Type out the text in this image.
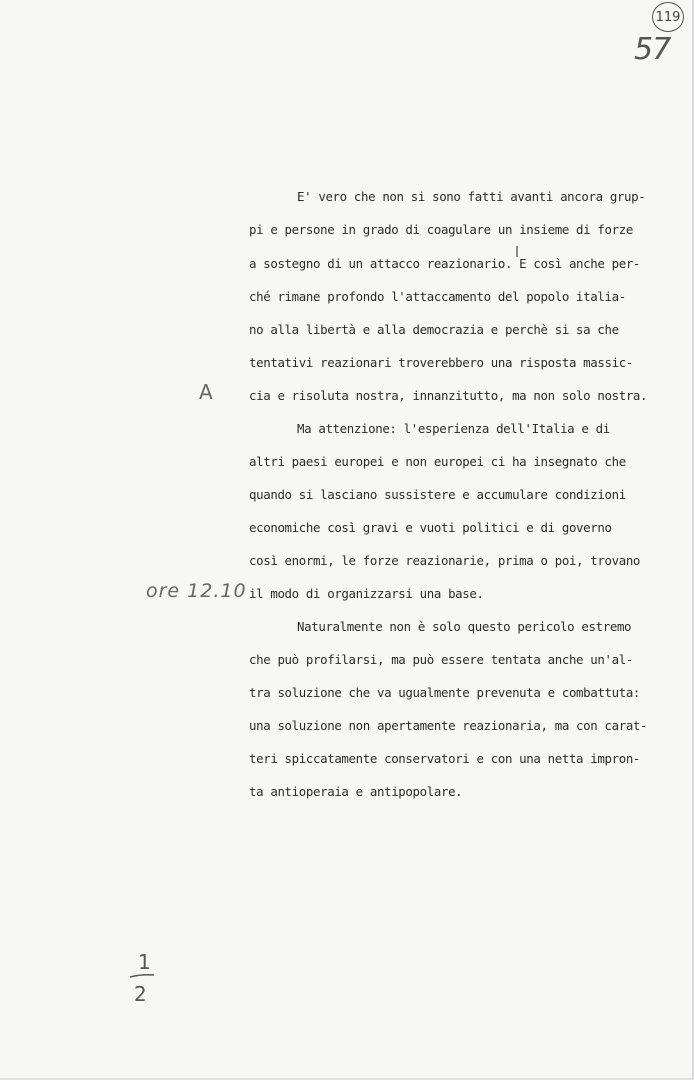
119
57
A
ore 12.10
1
2
E' vero che non si sono fatti avanti ancora grup-
pi e persone in grado di coagulare un insieme di forze
a sostegno di un attacco reazionario. E così anche per-
ché rimane profondo l'attaccamento del popolo italia-
no alla libertà e alla democrazia e perchè si sa che
tentativi reazionari troverebbero una risposta massic-
cia e risoluta nostra, innanzitutto, ma non solo nostra.
Ma attenzione: l'esperienza dell'Italia e di
altri paesi europei e non europei ci ha insegnato che
quando si lasciano sussistere e accumulare condizioni
economiche così gravi e vuoti politici e di governo
così enormi, le forze reazionarie, prima o poi, trovano
il modo di organizzarsi una base.
Naturalmente non è solo questo pericolo estremo
che può profilarsi, ma può essere tentata anche un'al-
tra soluzione che va ugualmente prevenuta e combattuta:
una soluzione non apertamente reazionaria, ma con carat-
teri spiccatamente conservatori e con una netta impron-
ta antioperaia e antipopolare.
